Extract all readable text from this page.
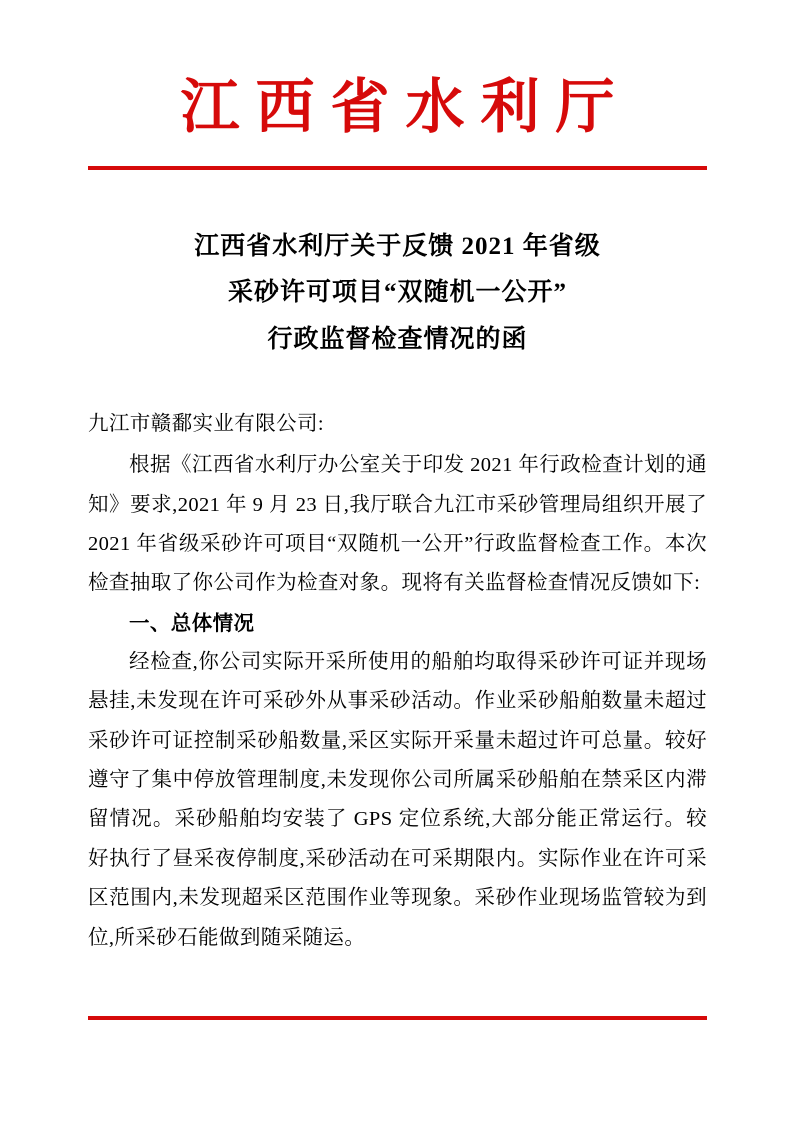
江西省水利厅
江西省水利厅关于反馈 2021 年省级
采砂许可项目“双随机一公开”
行政监督检查情况的函
九江市赣鄱实业有限公司:
根据《江西省水利厅办公室关于印发 2021 年行政检查计划的通知》要求,2021 年 9 月 23 日,我厅联合九江市采砂管理局组织开展了 2021 年省级采砂许可项目“双随机一公开”行政监督检查工作。本次检查抽取了你公司作为检查对象。现将有关监督检查情况反馈如下:
一、总体情况
经检查,你公司实际开采所使用的船舶均取得采砂许可证并现场悬挂,未发现在许可采砂外从事采砂活动。作业采砂船舶数量未超过采砂许可证控制采砂船数量,采区实际开采量未超过许可总量。较好遵守了集中停放管理制度,未发现你公司所属采砂船舶在禁采区内滞留情况。采砂船舶均安装了 GPS 定位系统,大部分能正常运行。较好执行了昼采夜停制度,采砂活动在可采期限内。实际作业在许可采区范围内,未发现超采区范围作业等现象。采砂作业现场监管较为到位,所采砂石能做到随采随运。
